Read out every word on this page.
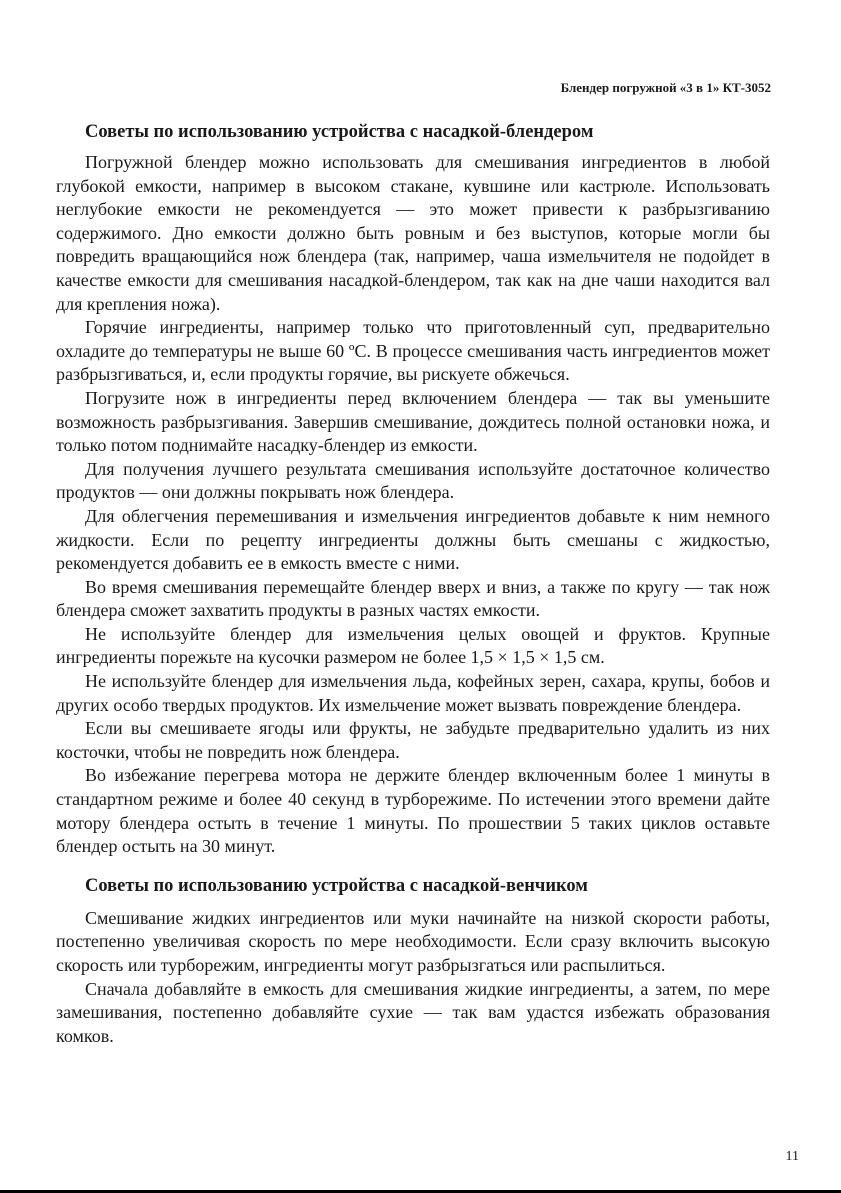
Блендер погружной «3 в 1» КТ-3052
Советы по использованию устройства с насадкой-блендером

Погружной блендер можно использовать для смешивания ингредиентов в любой глубокой емкости, например в высоком стакане, кувшине или кастрюле. Использовать неглубокие емкости не рекомендуется — это может привести к разбрызгиванию содержимого. Дно емкости должно быть ровным и без выступов, которые могли бы повредить вращающийся нож блендера (так, например, чаша измельчителя не подойдет в качестве емкости для смешивания насадкой-блендером, так как на дне чаши находится вал для крепления ножа).

Горячие ингредиенты, например только что приготовленный суп, предварительно охладите до температуры не выше 60 ºС. В процессе смешивания часть ингредиентов может разбрызгиваться, и, если продукты горячие, вы рискуете обжечься.

Погрузите нож в ингредиенты перед включением блендера — так вы уменьшите возможность разбрызгивания. Завершив смешивание, дождитесь полной остановки ножа, и только потом поднимайте насадку-блендер из емкости.

Для получения лучшего результата смешивания используйте достаточное количество продуктов — они должны покрывать нож блендера.

Для облегчения перемешивания и измельчения ингредиентов добавьте к ним немного жидкости. Если по рецепту ингредиенты должны быть смешаны с жидкостью, рекомендуется добавить ее в емкость вместе с ними.

Во время смешивания перемещайте блендер вверх и вниз, а также по кругу — так нож блендера сможет захватить продукты в разных частях емкости.

Не используйте блендер для измельчения целых овощей и фруктов. Крупные ингредиенты порежьте на кусочки размером не более 1,5 × 1,5 × 1,5 см.

Не используйте блендер для измельчения льда, кофейных зерен, сахара, крупы, бобов и других особо твердых продуктов. Их измельчение может вызвать повреждение блендера.

Если вы смешиваете ягоды или фрукты, не забудьте предварительно удалить из них косточки, чтобы не повредить нож блендера.

Во избежание перегрева мотора не держите блендер включенным более 1 минуты в стандартном режиме и более 40 секунд в турборежиме. По истечении этого времени дайте мотору блендера остыть в течение 1 минуты. По прошествии 5 таких циклов оставьте блендер остыть на 30 минут.

Советы по использованию устройства с насадкой-венчиком

Смешивание жидких ингредиентов или муки начинайте на низкой скорости работы, постепенно увеличивая скорость по мере необходимости. Если сразу включить высокую скорость или турборежим, ингредиенты могут разбрызгаться или распылиться.

Сначала добавляйте в емкость для смешивания жидкие ингредиенты, а затем, по мере замешивания, постепенно добавляйте сухие — так вам удастся избежать образования комков.

11
